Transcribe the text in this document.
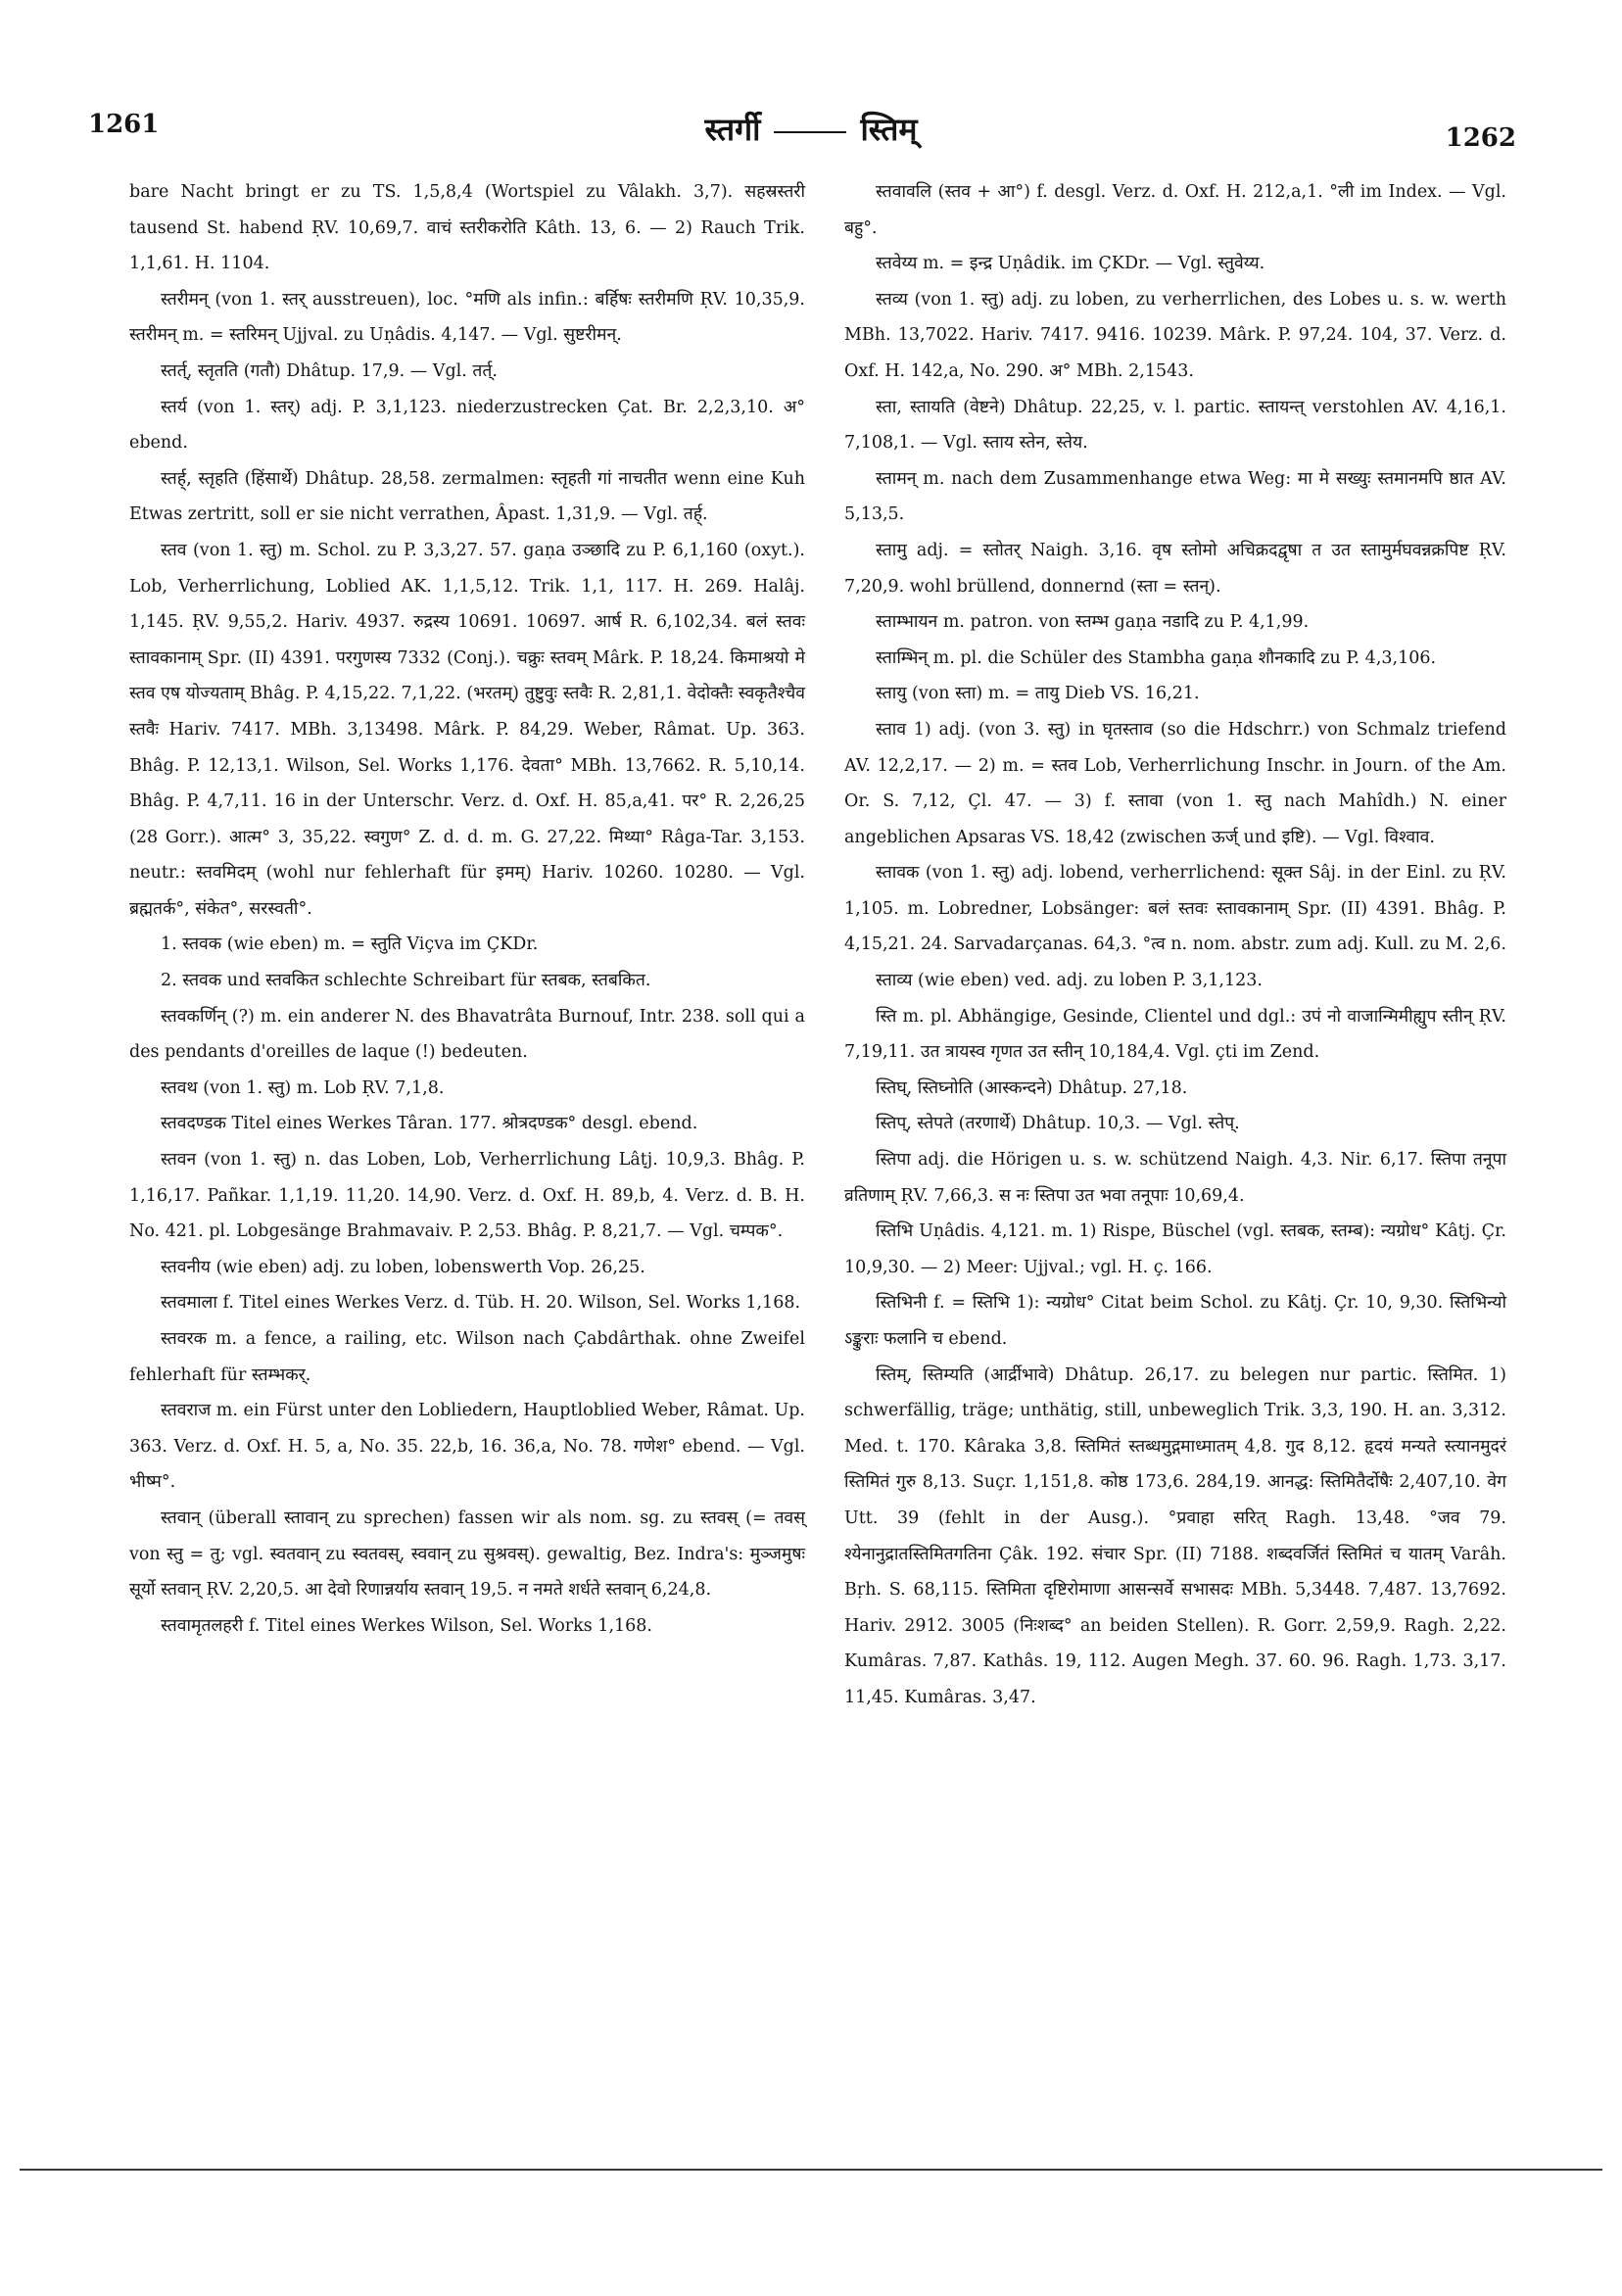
1261	स्तर्गी	स्तिम्	1262

bare Nacht bringt er zu TS. 1,5,8,4 (Wortspiel zu Vâlakh. 3,7). सहस्रस्तरी tausend St. habend ṚV. 10,69,7. वाचं स्तरीकरोति Kâth. 13, 6. — 2) Rauch Trik. 1,1,61. H. 1104.

स्तरीमन् (von 1. स्तर् ausstreuen), loc. °मणि als infin.: बर्हिषः स्तरीमणि ṚV. 10,35,9. स्तरीमन् m. = स्तरिमन् Ujjval. zu Uṇâdis. 4,147. — Vgl. सुष्टरीमन्.

स्तर्त्, स्तृतति (गतौ) Dhâtup. 17,9. — Vgl. तर्त्.

स्तर्य (von 1. स्तर्) adj. P. 3,1,123. niederzustrecken Çat. Br. 2,2,3,10. अ° ebend.

स्तर्ह्, स्तृहति (हिंसार्थे) Dhâtup. 28,58. zermalmen: स्तृहती गां नाचतीत wenn eine Kuh Etwas zertritt, soll er sie nicht verrathen, Âpast. 1,31,9. — Vgl. तर्ह्.

स्तव (von 1. स्तु) m. Schol. zu P. 3,3,27. 57. gaṇa उञ्छादि zu P. 6,1,160 (oxyt.). Lob, Verherrlichung, Loblied AK. 1,1,5,12. Trik. 1,1, 117. H. 269. Halâj. 1,145. ṚV. 9,55,2. Hariv. 4937. रुद्रस्य 10691. 10697. आर्ष R. 6,102,34. बलं स्तवः स्तावकानाम् Spr. (II) 4391. परगुणस्य 7332 (Conj.). चक्रुः स्तवम् Mârk. P. 18,24. किमाश्रयो मे स्तव एष योज्यताम् Bhâg. P. 4,15,22. 7,1,22. (भरतम्) तुष्टुवुः स्तवैः R. 2,81,1. वेदोक्तैः स्वकृतैश्चैव स्तवैः Hariv. 7417. MBh. 3,13498. Mârk. P. 84,29. Weber, Râmat. Up. 363. Bhâg. P. 12,13,1. Wilson, Sel. Works 1,176. देवता° MBh. 13,7662. R. 5,10,14. Bhâg. P. 4,7,11. 16 in der Unterschr. Verz. d. Oxf. H. 85,a,41. पर° R. 2,26,25 (28 Gorr.). आत्म° 3, 35,22. स्वगुण° Z. d. d. m. G. 27,22. मिथ्या° Râga-Tar. 3,153. neutr.: स्तवमिदम् (wohl nur fehlerhaft für इमम्) Hariv. 10260. 10280. — Vgl. ब्रह्मतर्क°, संकेत°, सरस्वती°.

1. स्तवक (wie eben) m. = स्तुति Viçva im ÇKDr.

2. स्तवक und स्तवकित schlechte Schreibart für स्तबक, स्तबकित.

स्तवकर्णिन् (?) m. ein anderer N. des Bhavatrâta Burnouf, Intr. 238. soll qui a des pendants d'oreilles de laque (!) bedeuten.

स्तवथ (von 1. स्तु) m. Lob ṚV. 7,1,8.

स्तवदण्डक Titel eines Werkes Târan. 177. श्रोत्रदण्डक° desgl. ebend.

स्तवन (von 1. स्तु) n. das Loben, Lob, Verherrlichung Lâṭj. 10,9,3. Bhâg. P. 1,16,17. Pañkar. 1,1,19. 11,20. 14,90. Verz. d. Oxf. H. 89,b, 4. Verz. d. B. H. No. 421. pl. Lobgesänge Brahmavaiv. P. 2,53. Bhâg. P. 8,21,7. — Vgl. चम्पक°.

स्तवनीय (wie eben) adj. zu loben, lobenswerth Vop. 26,25.

स्तवमाला f. Titel eines Werkes Verz. d. Tüb. H. 20. Wilson, Sel. Works 1,168.

स्तवरक m. a fence, a railing, etc. Wilson nach Çabdârthak. ohne Zweifel fehlerhaft für स्तम्भकर्.

स्तवराज m. ein Fürst unter den Lobliedern, Hauptloblied Weber, Râmat. Up. 363. Verz. d. Oxf. H. 5, a, No. 35. 22,b, 16. 36,a, No. 78. गणेश° ebend. — Vgl. भीष्म°.

स्तवान् (überall स्तावान् zu sprechen) fassen wir als nom. sg. zu स्तवस् (= तवस् von स्तु = तु; vgl. स्वतवान् zu स्वतवस्, स्ववान् zu सुश्रवस्). gewaltig, Bez. Indra's: मुञ्जमुषः सूर्यो स्तवान् ṚV. 2,20,5. आ देवो रिणान्नर्याय स्तवान् 19,5. न नमते शर्धते स्तवान् 6,24,8.

स्तवामृतलहरी f. Titel eines Werkes Wilson, Sel. Works 1,168.

स्तवावलि (स्तव + आ°) f. desgl. Verz. d. Oxf. H. 212,a,1. °ली im Index. — Vgl. बहु°.

स्तवेय्य m. = इन्द्र Uṇâdik. im ÇKDr. — Vgl. स्तुवेय्य.

स्तव्य (von 1. स्तु) adj. zu loben, zu verherrlichen, des Lobes u. s. w. werth MBh. 13,7022. Hariv. 7417. 9416. 10239. Mârk. P. 97,24. 104, 37. Verz. d. Oxf. H. 142,a, No. 290. अ° MBh. 2,1543.

स्ता, स्तायति (वेष्टने) Dhâtup. 22,25, v. l. partic. स्तायन्त् verstohlen AV. 4,16,1. 7,108,1. — Vgl. स्ताय स्तेन, स्तेय.

स्तामन् m. nach dem Zusammenhange etwa Weg: मा मे सख्युः स्तमानमपि ष्ठात AV. 5,13,5.

स्तामु adj. = स्तोतर् Naigh. 3,16. वृष स्तोमो अचिक्रदद्वृषा त उत स्तामुर्मघवन्नक्रपिष्ट ṚV. 7,20,9. wohl brüllend, donnernd (स्ता = स्तन्).

स्ताम्भायन m. patron. von स्तम्भ gaṇa नडादि zu P. 4,1,99.

स्ताम्भिन् m. pl. die Schüler des Stambha gaṇa शौनकादि zu P. 4,3,106.

स्तायु (von स्ता) m. = तायु Dieb VS. 16,21.

स्ताव 1) adj. (von 3. स्तु) in घृतस्ताव (so die Hdschrr.) von Schmalz triefend AV. 12,2,17. — 2) m. = स्तव Lob, Verherrlichung Inschr. in Journ. of the Am. Or. S. 7,12, Çl. 47. — 3) f. स्तावा (von 1. स्तु nach Mahîdh.) N. einer angeblichen Apsaras VS. 18,42 (zwischen ऊर्ज् und इष्टि). — Vgl. विश्वाव.

स्तावक (von 1. स्तु) adj. lobend, verherrlichend: सूक्त Sâj. in der Einl. zu ṚV. 1,105. m. Lobredner, Lobsänger: बलं स्तवः स्तावकानाम् Spr. (II) 4391. Bhâg. P. 4,15,21. 24. Sarvadarçanas. 64,3. °त्व n. nom. abstr. zum adj. Kull. zu M. 2,6.

स्ताव्य (wie eben) ved. adj. zu loben P. 3,1,123.

स्ति m. pl. Abhängige, Gesinde, Clientel und dgl.: उपं नो वाजान्मिमीह्युप स्तीन् ṚV. 7,19,11. उत त्रायस्व गृणत उत स्तीन् 10,184,4. Vgl. çti im Zend.

स्तिघ्, स्तिघ्नोति (आस्कन्दने) Dhâtup. 27,18.

स्तिप्, स्तेपते (तरणार्थे) Dhâtup. 10,3. — Vgl. स्तेप्.

स्तिपा adj. die Hörigen u. s. w. schützend Naigh. 4,3. Nir. 6,17. स्तिपा तनूपा व्रतिणाम् ṚV. 7,66,3. स नः स्तिपा उत भवा तनूपाः 10,69,4.

स्तिभि Uṇâdis. 4,121. m. 1) Rispe, Büschel (vgl. स्तबक, स्तम्ब): न्यग्रोध° Kâtj. Çr. 10,9,30. — 2) Meer: Ujjval.; vgl. H. ç. 166.

स्तिभिनी f. = स्तिभि 1): न्यग्रोध° Citat beim Schol. zu Kâtj. Çr. 10, 9,30. स्तिभिन्यो ऽङ्कुराः फलानि च ebend.

स्तिम्, स्तिम्यति (आर्द्रीभावे) Dhâtup. 26,17. zu belegen nur partic. स्तिमित. 1) schwerfällig, träge; unthätig, still, unbeweglich Trik. 3,3, 190. H. an. 3,312. Med. t. 170. Kâraka 3,8. स्तिमितं स्तब्धमुद्गमाध्मातम् 4,8. गुद 8,12. हृदयं मन्यते स्त्यानमुदरं स्तिमितं गुरु 8,13. Suçr. 1,151,8. कोष्ठ 173,6. 284,19. आनद्ध: स्तिमितैर्दोषैः 2,407,10. वेग Utt. 39 (fehlt in der Ausg.). °प्रवाहा सरित् Ragh. 13,48. °जव 79. श्येनानुद्रातस्तिमितगतिना Çâk. 192. संचार Spr. (II) 7188. शब्दवर्जितं स्तिमितं च यातम् Varâh. Bṛh. S. 68,115. स्तिमिता दृष्टिरोमाणा आसन्सर्वे सभासदः MBh. 5,3448. 7,487. 13,7692. Hariv. 2912. 3005 (निःशब्द° an beiden Stellen). R. Gorr. 2,59,9. Ragh. 2,22. Kumâras. 7,87. Kathâs. 19, 112. Augen Megh. 37. 60. 96. Ragh. 1,73. 3,17. 11,45. Kumâras. 3,47.
